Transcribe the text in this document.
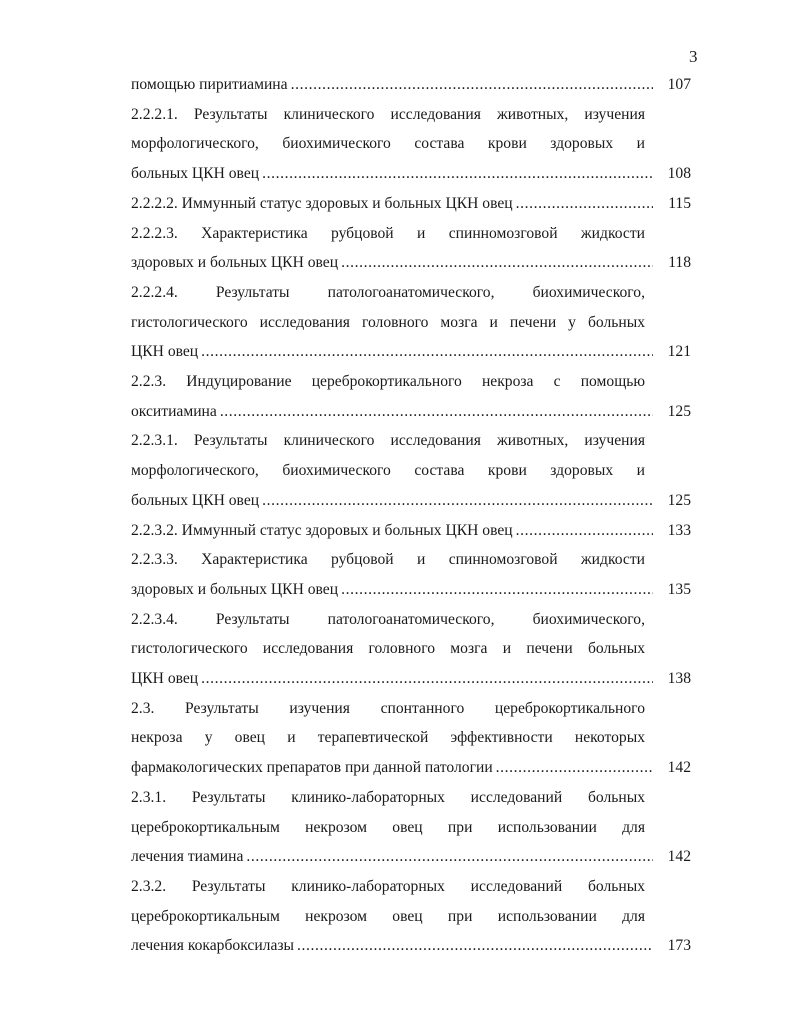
3
помощью пиритиамина .....	107
2.2.2.1. Результаты клинического исследования животных, изучения
морфологического, биохимического состава крови здоровых и
больных ЦКН овец .....	108
2.2.2.2. Иммунный статус здоровых и больных ЦКН овец .....	115
2.2.2.3. Характеристика рубцовой и спинномозговой жидкости
здоровых и больных ЦКН овец .....	118
2.2.2.4. Результаты патологоанатомического, биохимического,
гистологического исследования головного мозга и печени у больных
ЦКН овец .....	121
2.2.3. Индуцирование цереброкортикального некроза с помощью
окситиамина .....	125
2.2.3.1. Результаты клинического исследования животных, изучения
морфологического, биохимического состава крови здоровых и
больных ЦКН овец .....	125
2.2.3.2. Иммунный статус здоровых и больных ЦКН овец .....	133
2.2.3.3. Характеристика рубцовой и спинномозговой жидкости
здоровых и больных ЦКН овец .....	135
2.2.3.4. Результаты патологоанатомического, биохимического,
гистологического исследования головного мозга и печени больных
ЦКН овец .....	138
2.3. Результаты изучения спонтанного цереброкортикального
некроза у овец и терапевтической эффективности некоторых
фармакологических препаратов при данной патологии .....	142
2.3.1. Результаты клинико-лабораторных исследований больных
цереброкортикальным некрозом овец при использовании для
лечения тиамина .....	142
2.3.2. Результаты клинико-лабораторных исследований больных
цереброкортикальным некрозом овец при использовании для
лечения кокарбоксилазы .....	173
